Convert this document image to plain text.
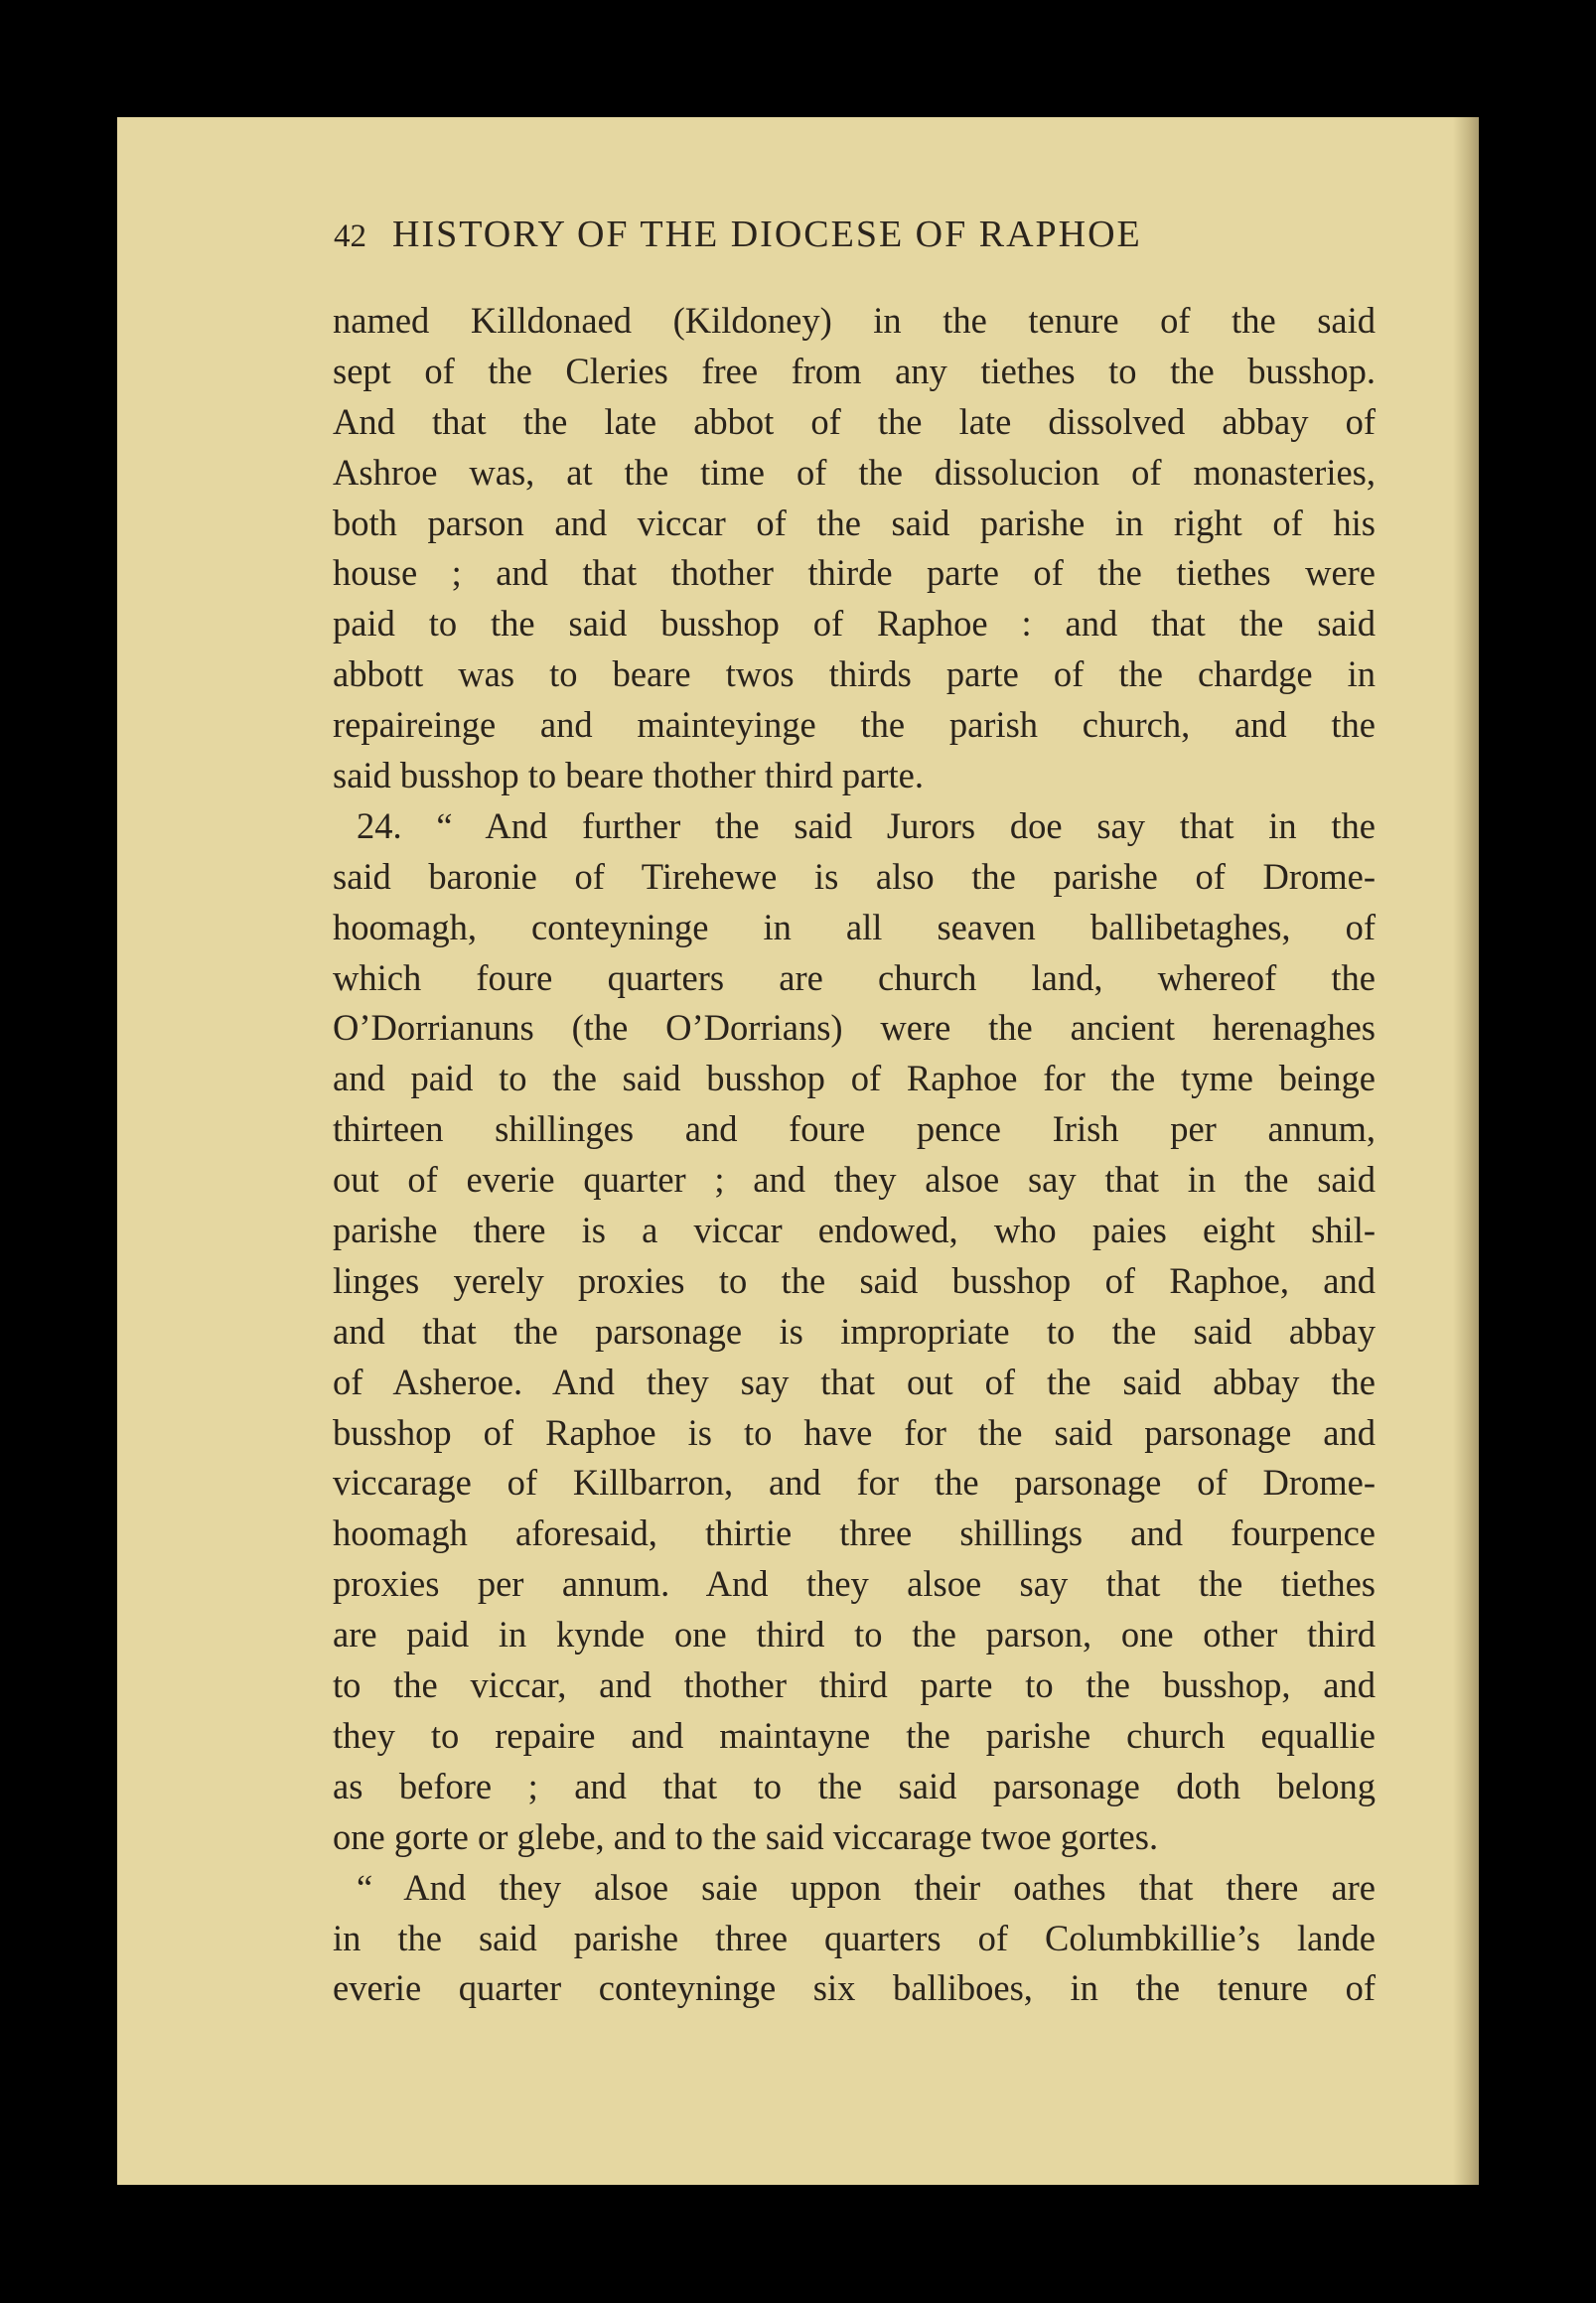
42 HISTORY OF THE DIOCESE OF RAPHOE
named Killdonaed (Kildoney) in the tenure of the said
sept of the Cleries free from any tiethes to the busshop.
And that the late abbot of the late dissolved abbay of
Ashroe was, at the time of the dissolucion of monasteries,
both parson and viccar of the said parishe in right of his
house ; and that thother thirde parte of the tiethes were
paid to the said busshop of Raphoe : and that the said
abbott was to beare twos thirds parte of the chardge in
repaireinge and mainteyinge the parish church, and the
said busshop to beare thother third parte.
24. “ And further the said Jurors doe say that in the
said baronie of Tirehewe is also the parishe of Drome-
hoomagh, conteyninge in all seaven ballibetaghes, of
which foure quarters are church land, whereof the
O’Dorrianuns (the O’Dorrians) were the ancient herenaghes
and paid to the said busshop of Raphoe for the tyme beinge
thirteen shillinges and foure pence Irish per annum,
out of everie quarter ; and they alsoe say that in the said
parishe there is a viccar endowed, who paies eight shil-
linges yerely proxies to the said busshop of Raphoe, and
and that the parsonage is impropriate to the said abbay
of Asheroe. And they say that out of the said abbay the
busshop of Raphoe is to have for the said parsonage and
viccarage of Killbarron, and for the parsonage of Drome-
hoomagh aforesaid, thirtie three shillings and fourpence
proxies per annum. And they alsoe say that the tiethes
are paid in kynde one third to the parson, one other third
to the viccar, and thother third parte to the busshop, and
they to repaire and maintayne the parishe church equallie
as before ; and that to the said parsonage doth belong
one gorte or glebe, and to the said viccarage twoe gortes.
“ And they alsoe saie uppon their oathes that there are
in the said parishe three quarters of Columbkillie’s lande
everie quarter conteyninge six balliboes, in the tenure of
